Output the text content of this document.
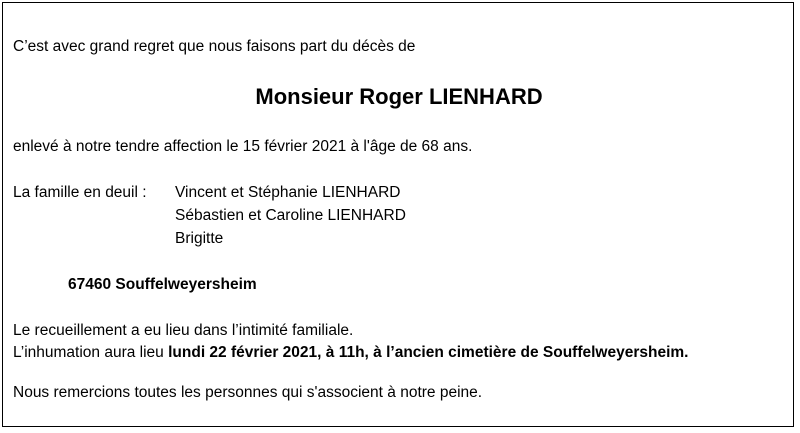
C’est avec grand regret que nous faisons part du décès de
Monsieur Roger LIENHARD
enlevé à notre tendre affection le 15 février 2021 à l'âge de 68 ans.
La famille en deuil : Vincent et Stéphanie LIENHARD
Sébastien et Caroline LIENHARD
Brigitte
67460 Souffelweyersheim
Le recueillement a eu lieu dans l’intimité familiale.
L’inhumation aura lieu lundi 22 février 2021, à 11h, à l’ancien cimetière de Souffelweyersheim.
Nous remercions toutes les personnes qui s'associent à notre peine.
